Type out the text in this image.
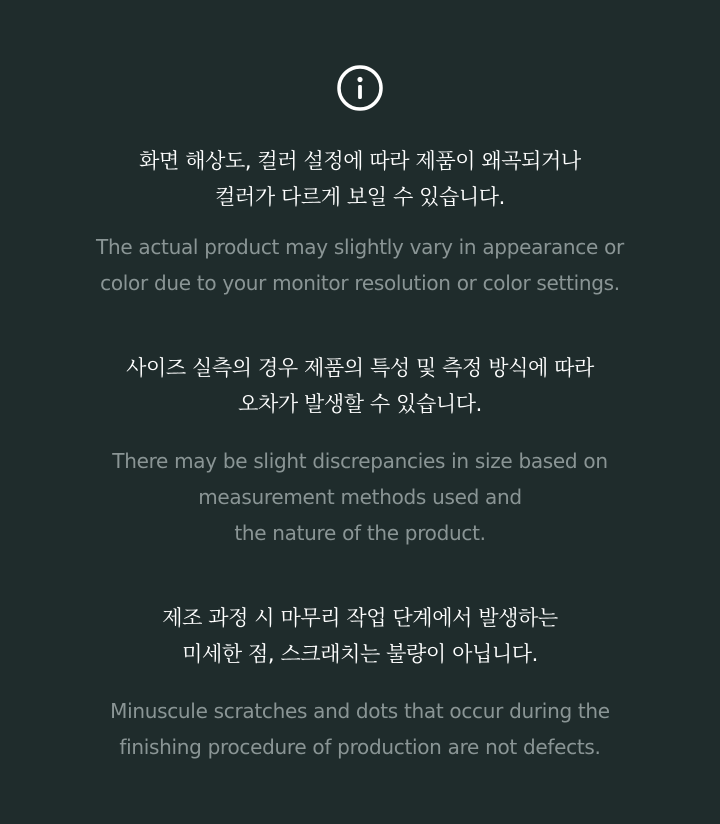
화면 해상도, 컬러 설정에 따라 제품이 왜곡되거나
컬러가 다르게 보일 수 있습니다.
The actual product may slightly vary in appearance or
color due to your monitor resolution or color settings.
사이즈 실측의 경우 제품의 특성 및 측정 방식에 따라
오차가 발생할 수 있습니다.
There may be slight discrepancies in size based on
measurement methods used and
the nature of the product.
제조 과정 시 마무리 작업 단계에서 발생하는
미세한 점, 스크래치는 불량이 아닙니다.
Minuscule scratches and dots that occur during the
finishing procedure of production are not defects.
